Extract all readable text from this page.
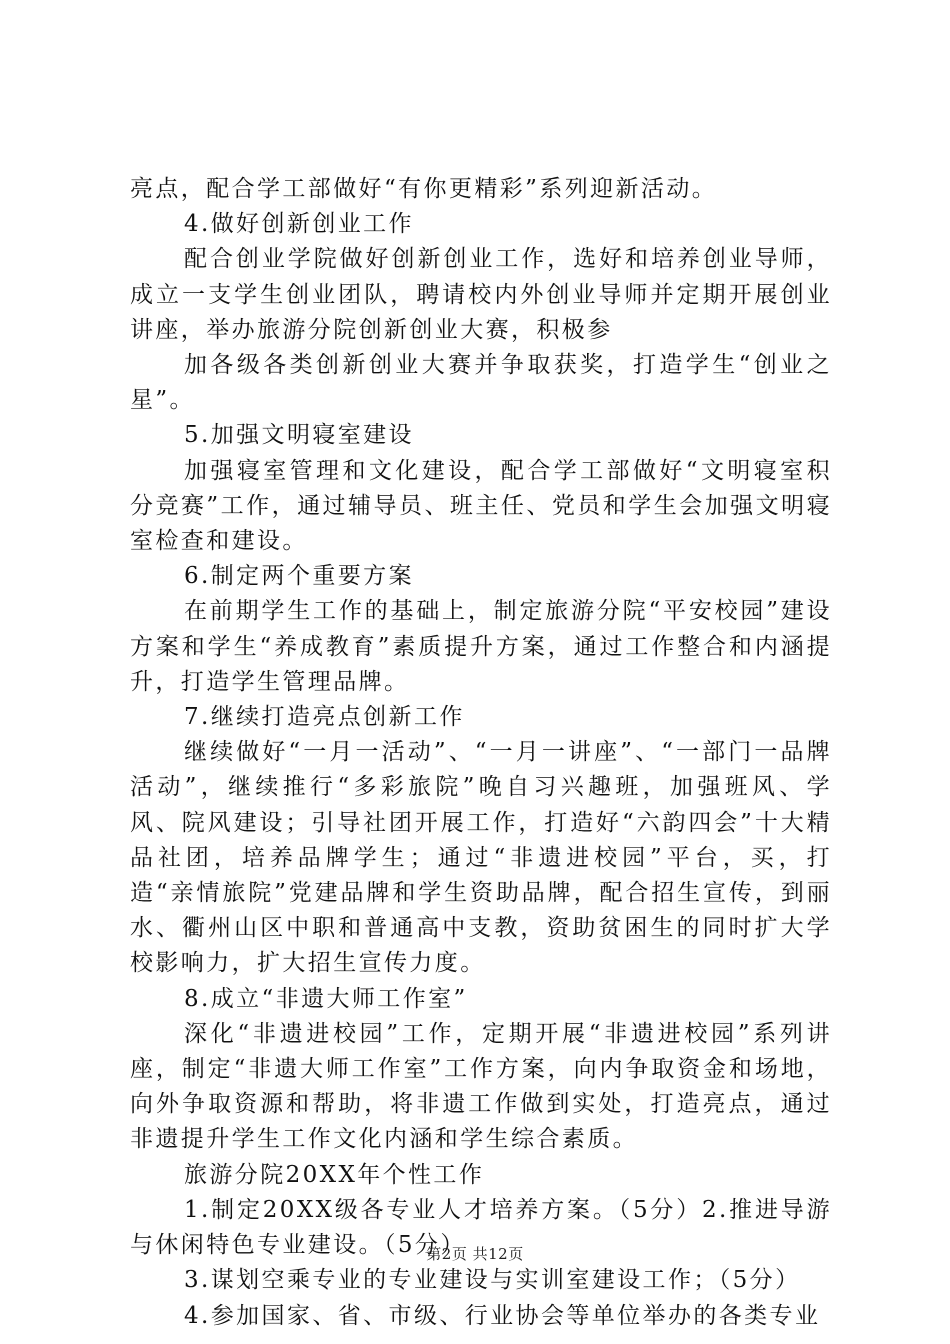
亮点，配合学工部做好“有你更精彩”系列迎新活动。

4.做好创新创业工作

配合创业学院做好创新创业工作，选好和培养创业导师，成立一支学生创业团队，聘请校内外创业导师并定期开展创业讲座，举办旅游分院创新创业大赛，积极参

加各级各类创新创业大赛并争取获奖，打造学生“创业之星”。

5.加强文明寝室建设

加强寝室管理和文化建设，配合学工部做好“文明寝室积分竞赛”工作，通过辅导员、班主任、党员和学生会加强文明寝室检查和建设。

6.制定两个重要方案

在前期学生工作的基础上，制定旅游分院“平安校园”建设方案和学生“养成教育”素质提升方案，通过工作整合和内涵提升，打造学生管理品牌。

7.继续打造亮点创新工作

继续做好“一月一活动”、“一月一讲座”、“一部门一品牌活动”，继续推行“多彩旅院”晚自习兴趣班，加强班风、学风、院风建设；引导社团开展工作，打造好“六韵四会”十大精品社团，培养品牌学生；通过“非遗进校园”平台，买，打造“亲情旅院”党建品牌和学生资助品牌，配合招生宣传，到丽水、衢州山区中职和普通高中支教，资助贫困生的同时扩大学校影响力，扩大招生宣传力度。

8.成立“非遗大师工作室”

深化“非遗进校园”工作，定期开展“非遗进校园”系列讲座，制定“非遗大师工作室”工作方案，向内争取资金和场地，向外争取资源和帮助，将非遗工作做到实处，打造亮点，通过非遗提升学生工作文化内涵和学生综合素质。

旅游分院20XX年个性工作

1.制定20XX级各专业人才培养方案。（5分）2.推进导游与休闲特色专业建设。（5分）

3.谋划空乘专业的专业建设与实训室建设工作；（5分）

4.参加国家、省、市级、行业协会等单位举办的各类专业

第2页 共12页
